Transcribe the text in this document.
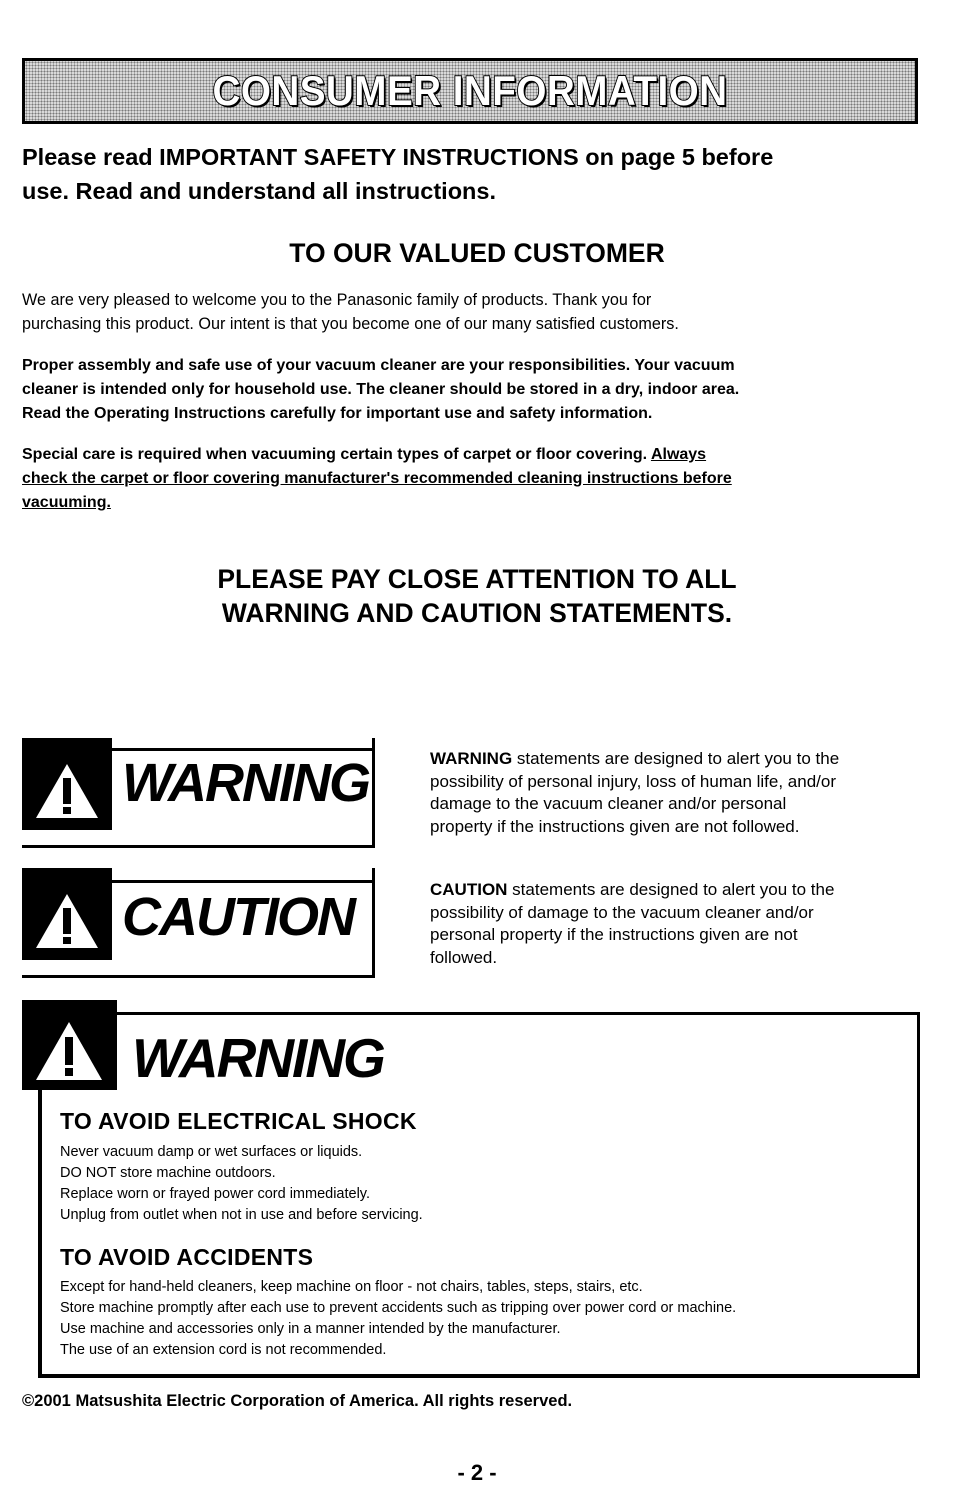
CONSUMER INFORMATION
Please read IMPORTANT SAFETY INSTRUCTIONS on page 5 before
use. Read and understand all instructions.
TO OUR VALUED CUSTOMER
We are very pleased to welcome you to the Panasonic family of products. Thank you for
purchasing this product. Our intent is that you become one of our many satisfied customers.
Proper assembly and safe use of your vacuum cleaner are your responsibilities. Your vacuum
cleaner is intended only for household use. The cleaner should be stored in a dry, indoor area.
Read the Operating Instructions carefully for important use and safety information.
Special care is required when vacuuming certain types of carpet or floor covering. Always
check the carpet or floor covering manufacturer's recommended cleaning instructions before
vacuuming.
PLEASE PAY CLOSE ATTENTION TO ALL
WARNING AND CAUTION STATEMENTS.
WARNING	WARNING statements are designed to alert you to the
possibility of personal injury, loss of human life, and/or
damage to the vacuum cleaner and/or personal
property if the instructions given are not followed.
CAUTION	CAUTION statements are designed to alert you to the
possibility of damage to the vacuum cleaner and/or
personal property if the instructions given are not
followed.
WARNING
TO AVOID ELECTRICAL SHOCK
Never vacuum damp or wet surfaces or liquids.
DO NOT store machine outdoors.
Replace worn or frayed power cord immediately.
Unplug from outlet when not in use and before servicing.
TO AVOID ACCIDENTS
Except for hand-held cleaners, keep machine on floor - not chairs, tables, steps, stairs, etc.
Store machine promptly after each use to prevent accidents such as tripping over power cord or machine.
Use machine and accessories only in a manner intended by the manufacturer.
The use of an extension cord is not recommended.
©2001 Matsushita Electric Corporation of America. All rights reserved.
- 2 -
